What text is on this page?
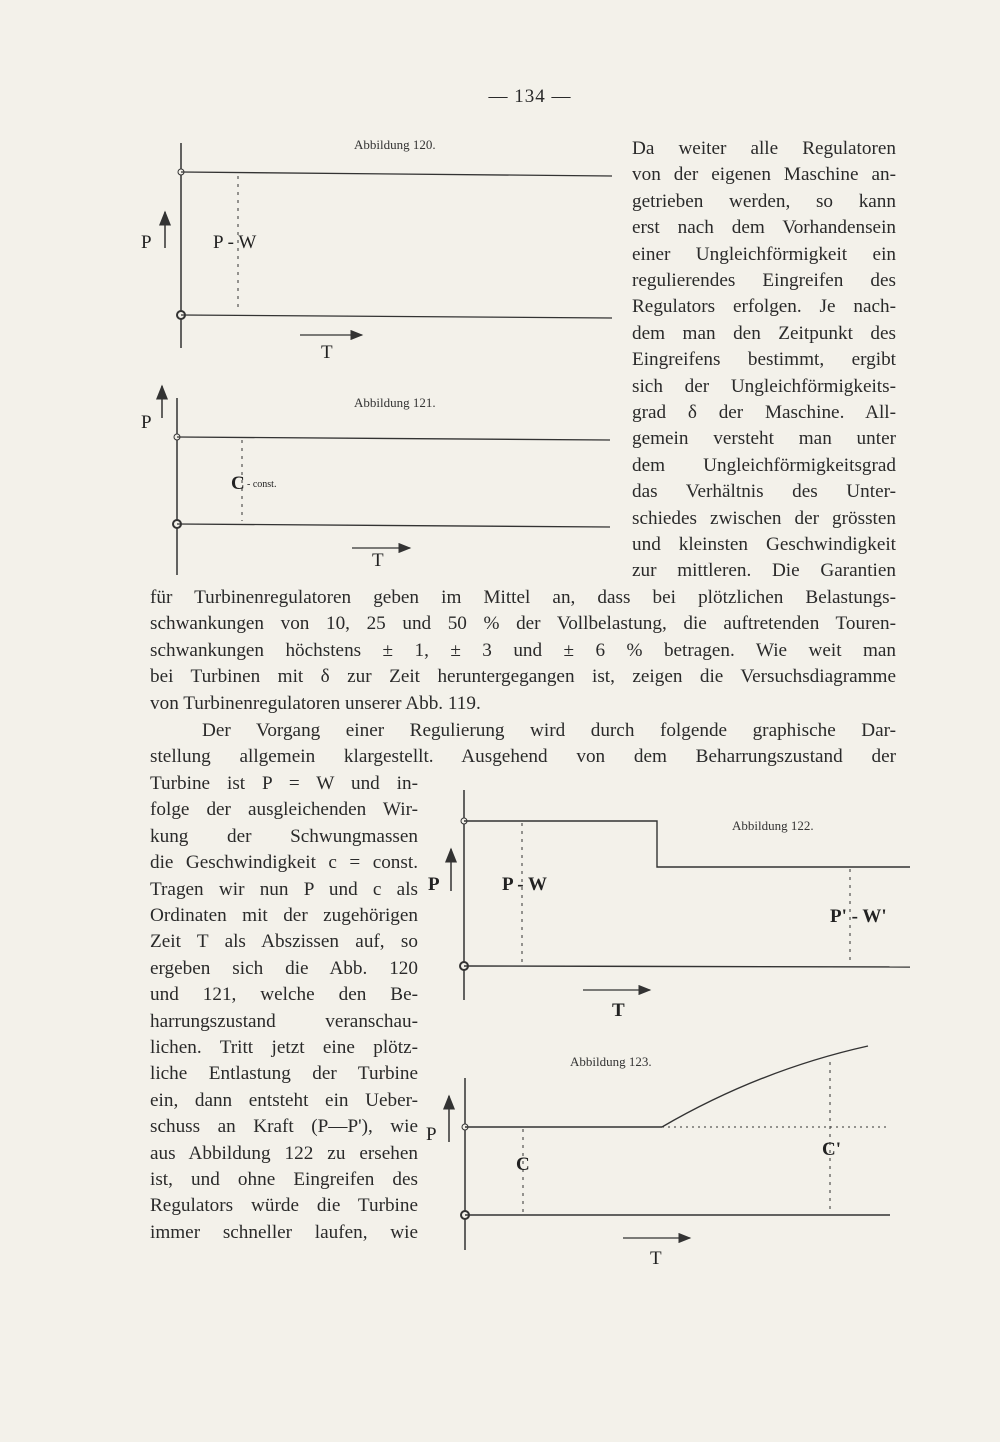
— 134 —
Abbildung 120.
P	P - W
T
Abbildung 121.
P
C - const.
T
Abbildung 122.
P	P - W
P' - W'
T
Abbildung 123.
P
C
C'
T
Da weiter alle Regulatoren
von der eigenen Maschine an-
getrieben werden, so kann
erst nach dem Vorhandensein
einer Ungleichförmigkeit ein
regulierendes Eingreifen des
Regulators erfolgen. Je nach-
dem man den Zeitpunkt des
Eingreifens bestimmt, ergibt
sich der Ungleichförmigkeits-
grad δ der Maschine. All-
gemein versteht man unter
dem Ungleichförmigkeitsgrad
das Verhältnis des Unter-
schiedes zwischen der grössten
und kleinsten Geschwindigkeit
zur mittleren. Die Garantien
für Turbinenregulatoren geben im Mittel an, dass bei plötzlichen Belastungs-
schwankungen von 10, 25 und 50 % der Vollbelastung, die auftretenden Touren-
schwankungen höchstens ± 1, ± 3 und ± 6 % betragen. Wie weit man
bei Turbinen mit δ zur Zeit heruntergegangen ist, zeigen die Versuchsdiagramme
von Turbinenregulatoren unserer Abb. 119.
Der Vorgang einer Regulierung wird durch folgende graphische Dar-
stellung allgemein klargestellt. Ausgehend von dem Beharrungszustand der
Turbine ist P = W und in-
folge der ausgleichenden Wir-
kung der Schwungmassen
die Geschwindigkeit c = const.
Tragen wir nun P und c als
Ordinaten mit der zugehörigen
Zeit T als Abszissen auf, so
ergeben sich die Abb. 120
und 121, welche den Be-
harrungszustand veranschau-
lichen. Tritt jetzt eine plötz-
liche Entlastung der Turbine
ein, dann entsteht ein Ueber-
schuss an Kraft (P—P'), wie
aus Abbildung 122 zu ersehen
ist, und ohne Eingreifen des
Regulators würde die Turbine
immer schneller laufen, wie
